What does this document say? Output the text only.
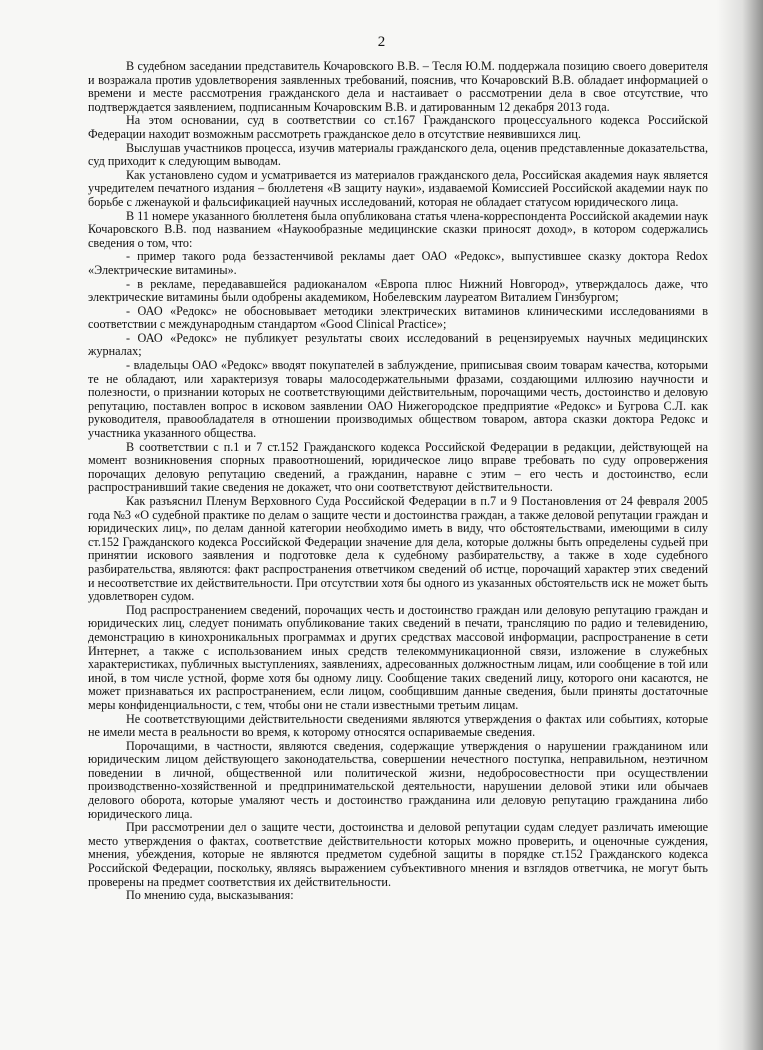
2

В судебном заседании представитель Кочаровского В.В. – Тесля Ю.М. поддержала позицию своего доверителя и возражала против удовлетворения заявленных требований, пояснив, что Кочаровский В.В. обладает информацией о времени и месте рассмотрения гражданского дела и настаивает о рассмотрении дела в свое отсутствие, что подтверждается заявлением, подписанным Кочаровским В.В. и датированным 12 декабря 2013 года.

На этом основании, суд в соответствии со ст.167 Гражданского процессуального кодекса Российской Федерации находит возможным рассмотреть гражданское дело в отсутствие неявившихся лиц.

Выслушав участников процесса, изучив материалы гражданского дела, оценив представленные доказательства, суд приходит к следующим выводам.

Как установлено судом и усматривается из материалов гражданского дела, Российская академия наук является учредителем печатного издания – бюллетеня «В защиту науки», издаваемой Комиссией Российской академии наук по борьбе с лженаукой и фальсификацией научных исследований, которая не обладает статусом юридического лица.

В 11 номере указанного бюллетеня была опубликована статья члена-корреспондента Российской академии наук Кочаровского В.В. под названием «Наукообразные медицинские сказки приносят доход», в котором содержались сведения о том, что:

- пример такого рода беззастенчивой рекламы дает ОАО «Редокс», выпустившее сказку доктора Redox «Электрические витамины».

- в рекламе, передававшейся радиоканалом «Европа плюс Нижний Новгород», утверждалось даже, что электрические витамины были одобрены академиком, Нобелевским лауреатом Виталием Гинзбургом;

- ОАО «Редокс» не обосновывает методики электрических витаминов клиническими исследованиями в соответствии с международным стандартом «Good Clinical Practice»;

- ОАО «Редокс» не публикует результаты своих исследований в рецензируемых научных медицинских журналах;

- владельцы ОАО «Редокс» вводят покупателей в заблуждение, приписывая своим товарам качества, которыми те не обладают, или характеризуя товары малосодержательными фразами, создающими иллюзию научности и полезности, о признании которых не соответствующими действительным, порочащими честь, достоинство и деловую репутацию, поставлен вопрос в исковом заявлении ОАО Нижегородское предприятие «Редокс» и Бугрова С.Л. как руководителя, правообладателя в отношении производимых обществом товаром, автора сказки доктора Редокс и участника указанного общества.

В соответствии с п.1 и 7 ст.152 Гражданского кодекса Российской Федерации в редакции, действующей на момент возникновения спорных правоотношений, юридическое лицо вправе требовать по суду опровержения порочащих деловую репутацию сведений, а гражданин, наравне с этим – его честь и достоинство, если распространивший такие сведения не докажет, что они соответствуют действительности.

Как разъяснил Пленум Верховного Суда Российской Федерации в п.7 и 9 Постановления от 24 февраля 2005 года №3 «О судебной практике по делам о защите чести и достоинства граждан, а также деловой репутации граждан и юридических лиц», по делам данной категории необходимо иметь в виду, что обстоятельствами, имеющими в силу ст.152 Гражданского кодекса Российской Федерации значение для дела, которые должны быть определены судьей при принятии искового заявления и подготовке дела к судебному разбирательству, а также в ходе судебного разбирательства, являются: факт распространения ответчиком сведений об истце, порочащий характер этих сведений и несоответствие их действительности. При отсутствии хотя бы одного из указанных обстоятельств иск не может быть удовлетворен судом.

Под распространением сведений, порочащих честь и достоинство граждан или деловую репутацию граждан и юридических лиц, следует понимать опубликование таких сведений в печати, трансляцию по радио и телевидению, демонстрацию в кинохроникальных программах и других средствах массовой информации, распространение в сети Интернет, а также с использованием иных средств телекоммуникационной связи, изложение в служебных характеристиках, публичных выступлениях, заявлениях, адресованных должностным лицам, или сообщение в той или иной, в том числе устной, форме хотя бы одному лицу. Сообщение таких сведений лицу, которого они касаются, не может признаваться их распространением, если лицом, сообщившим данные сведения, были приняты достаточные меры конфиденциальности, с тем, чтобы они не стали известными третьим лицам.

Не соответствующими действительности сведениями являются утверждения о фактах или событиях, которые не имели места в реальности во время, к которому относятся оспариваемые сведения.

Порочащими, в частности, являются сведения, содержащие утверждения о нарушении гражданином или юридическим лицом действующего законодательства, совершении нечестного поступка, неправильном, неэтичном поведении в личной, общественной или политической жизни, недобросовестности при осуществлении производственно-хозяйственной и предпринимательской деятельности, нарушении деловой этики или обычаев делового оборота, которые умаляют честь и достоинство гражданина или деловую репутацию гражданина либо юридического лица.

При рассмотрении дел о защите чести, достоинства и деловой репутации судам следует различать имеющие место утверждения о фактах, соответствие действительности которых можно проверить, и оценочные суждения, мнения, убеждения, которые не являются предметом судебной защиты в порядке ст.152 Гражданского кодекса Российской Федерации, поскольку, являясь выражением субъективного мнения и взглядов ответчика, не могут быть проверены на предмет соответствия их действительности.

По мнению суда, высказывания:
